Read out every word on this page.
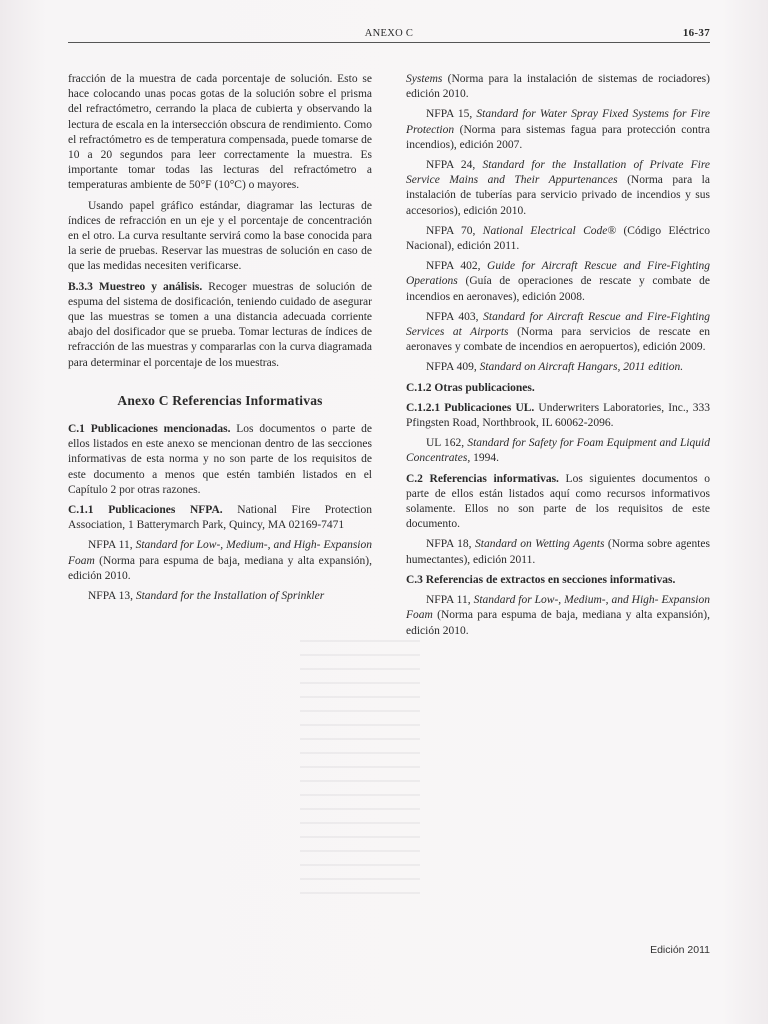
ANEXO C	16-37

fracción de la muestra de cada porcentaje de solución. Esto se hace colocando unas pocas gotas de la solución sobre el prisma del refractómetro, cerrando la placa de cubierta y observando la lectura de escala en la intersección obscura de rendimiento. Como el refractómetro es de temperatura compensada, puede tomarse de 10 a 20 segundos para leer correctamente la muestra. Es importante tomar todas las lecturas del refractómetro a temperaturas ambiente de 50°F (10°C) o mayores.

Usando papel gráfico estándar, diagramar las lecturas de índices de refracción en un eje y el porcentaje de concentración en el otro. La curva resultante servirá como la base conocida para la serie de pruebas. Reservar las muestras de solución en caso de que las medidas necesiten verificarse.

B.3.3 Muestreo y análisis. Recoger muestras de solución de espuma del sistema de dosificación, teniendo cuidado de asegurar que las muestras se tomen a una distancia adecuada corriente abajo del dosificador que se prueba. Tomar lecturas de índices de refracción de las muestras y compararlas con la curva diagramada para determinar el porcentaje de los muestras.

Anexo C Referencias Informativas

C.1 Publicaciones mencionadas. Los documentos o parte de ellos listados en este anexo se mencionan dentro de las secciones informativas de esta norma y no son parte de los requisitos de este documento a menos que estén también listados en el Capítulo 2 por otras razones.

C.1.1 Publicaciones NFPA. National Fire Protection Association, 1 Batterymarch Park, Quincy, MA 02169-7471

NFPA 11, Standard for Low-, Medium-, and High- Expansion Foam (Norma para espuma de baja, mediana y alta expansión), edición 2010.

NFPA 13, Standard for the Installation of Sprinkler

Systems (Norma para la instalación de sistemas de rociadores) edición 2010.

NFPA 15, Standard for Water Spray Fixed Systems for Fire Protection (Norma para sistemas fagua para protección contra incendios), edición 2007.

NFPA 24, Standard for the Installation of Private Fire Service Mains and Their Appurtenances (Norma para la instalación de tuberías para servicio privado de incendios y sus accesorios), edición 2010.

NFPA 70, National Electrical Code® (Código Eléctrico Nacional), edición 2011.

NFPA 402, Guide for Aircraft Rescue and Fire-Fighting Operations (Guía de operaciones de rescate y combate de incendios en aeronaves), edición 2008.

NFPA 403, Standard for Aircraft Rescue and Fire-Fighting Services at Airports (Norma para servicios de rescate en aeronaves y combate de incendios en aeropuertos), edición 2009.

NFPA 409, Standard on Aircraft Hangars, 2011 edition.

C.1.2 Otras publicaciones.

C.1.2.1 Publicaciones UL. Underwriters Laboratories, Inc., 333 Pfingsten Road, Northbrook, IL 60062-2096.

UL 162, Standard for Safety for Foam Equipment and Liquid Concentrates, 1994.

C.2 Referencias informativas. Los siguientes documentos o parte de ellos están listados aquí como recursos informativos solamente. Ellos no son parte de los requisitos de este documento.

NFPA 18, Standard on Wetting Agents (Norma sobre agentes humectantes), edición 2011.

C.3 Referencias de extractos en secciones informativas.

NFPA 11, Standard for Low-, Medium-, and High- Expansion Foam (Norma para espuma de baja, mediana y alta expansión), edición 2010.

Edición 2011
